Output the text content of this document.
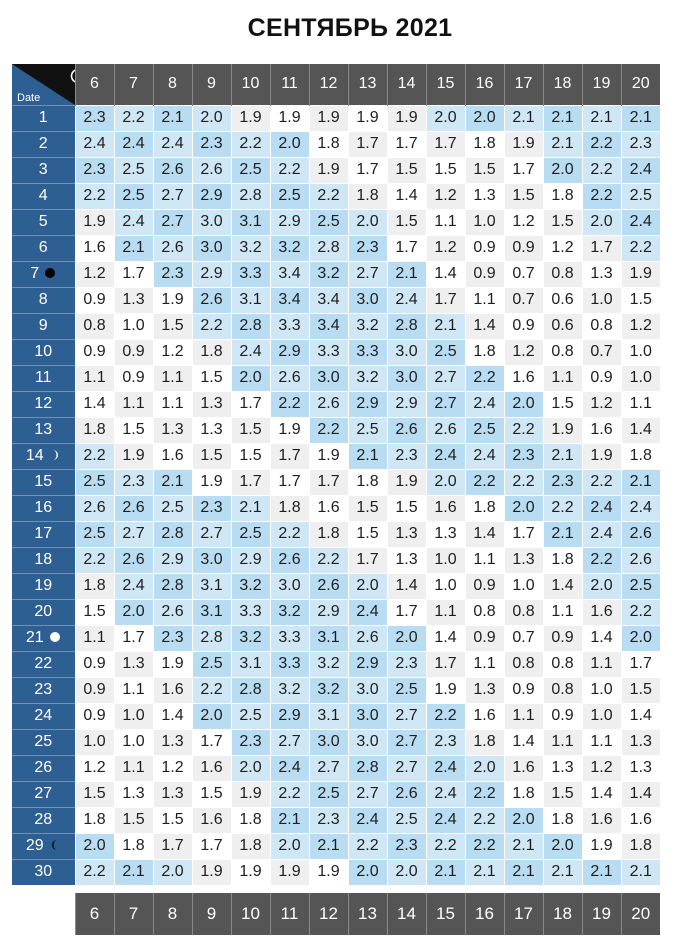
СЕНТЯБРЬ 2021
Date	6	7	8	9	10	11	12	13	14	15	16	17	18	19	20
1	2.3	2.2	2.1	2.0	1.9	1.9	1.9	1.9	1.9	2.0	2.0	2.1	2.1	2.1	2.1
2	2.4	2.4	2.4	2.3	2.2	2.0	1.8	1.7	1.7	1.7	1.8	1.9	2.1	2.2	2.3
3	2.3	2.5	2.6	2.6	2.5	2.2	1.9	1.7	1.5	1.5	1.5	1.7	2.0	2.2	2.4
4	2.2	2.5	2.7	2.9	2.8	2.5	2.2	1.8	1.4	1.2	1.3	1.5	1.8	2.2	2.5
5	1.9	2.4	2.7	3.0	3.1	2.9	2.5	2.0	1.5	1.1	1.0	1.2	1.5	2.0	2.4
6	1.6	2.1	2.6	3.0	3.2	3.2	2.8	2.3	1.7	1.2	0.9	0.9	1.2	1.7	2.2
7	1.2	1.7	2.3	2.9	3.3	3.4	3.2	2.7	2.1	1.4	0.9	0.7	0.8	1.3	1.9
8	0.9	1.3	1.9	2.6	3.1	3.4	3.4	3.0	2.4	1.7	1.1	0.7	0.6	1.0	1.5
9	0.8	1.0	1.5	2.2	2.8	3.3	3.4	3.2	2.8	2.1	1.4	0.9	0.6	0.8	1.2
10	0.9	0.9	1.2	1.8	2.4	2.9	3.3	3.3	3.0	2.5	1.8	1.2	0.8	0.7	1.0
11	1.1	0.9	1.1	1.5	2.0	2.6	3.0	3.2	3.0	2.7	2.2	1.6	1.1	0.9	1.0
12	1.4	1.1	1.1	1.3	1.7	2.2	2.6	2.9	2.9	2.7	2.4	2.0	1.5	1.2	1.1
13	1.8	1.5	1.3	1.3	1.5	1.9	2.2	2.5	2.6	2.6	2.5	2.2	1.9	1.6	1.4
14	2.2	1.9	1.6	1.5	1.5	1.7	1.9	2.1	2.3	2.4	2.4	2.3	2.1	1.9	1.8
15	2.5	2.3	2.1	1.9	1.7	1.7	1.7	1.8	1.9	2.0	2.2	2.2	2.3	2.2	2.1
16	2.6	2.6	2.5	2.3	2.1	1.8	1.6	1.5	1.5	1.6	1.8	2.0	2.2	2.4	2.4
17	2.5	2.7	2.8	2.7	2.5	2.2	1.8	1.5	1.3	1.3	1.4	1.7	2.1	2.4	2.6
18	2.2	2.6	2.9	3.0	2.9	2.6	2.2	1.7	1.3	1.0	1.1	1.3	1.8	2.2	2.6
19	1.8	2.4	2.8	3.1	3.2	3.0	2.6	2.0	1.4	1.0	0.9	1.0	1.4	2.0	2.5
20	1.5	2.0	2.6	3.1	3.3	3.2	2.9	2.4	1.7	1.1	0.8	0.8	1.1	1.6	2.2
21	1.1	1.7	2.3	2.8	3.2	3.3	3.1	2.6	2.0	1.4	0.9	0.7	0.9	1.4	2.0
22	0.9	1.3	1.9	2.5	3.1	3.3	3.2	2.9	2.3	1.7	1.1	0.8	0.8	1.1	1.7
23	0.9	1.1	1.6	2.2	2.8	3.2	3.2	3.0	2.5	1.9	1.3	0.9	0.8	1.0	1.5
24	0.9	1.0	1.4	2.0	2.5	2.9	3.1	3.0	2.7	2.2	1.6	1.1	0.9	1.0	1.4
25	1.0	1.0	1.3	1.7	2.3	2.7	3.0	3.0	2.7	2.3	1.8	1.4	1.1	1.1	1.3
26	1.2	1.1	1.2	1.6	2.0	2.4	2.7	2.8	2.7	2.4	2.0	1.6	1.3	1.2	1.3
27	1.5	1.3	1.3	1.5	1.9	2.2	2.5	2.7	2.6	2.4	2.2	1.8	1.5	1.4	1.4
28	1.8	1.5	1.5	1.6	1.8	2.1	2.3	2.4	2.5	2.4	2.2	2.0	1.8	1.6	1.6
29	2.0	1.8	1.7	1.7	1.8	2.0	2.1	2.2	2.3	2.2	2.2	2.1	2.0	1.9	1.8
30	2.2	2.1	2.0	1.9	1.9	1.9	1.9	2.0	2.0	2.1	2.1	2.1	2.1	2.1	2.1

	6	7	8	9	10	11	12	13	14	15	16	17	18	19	20
